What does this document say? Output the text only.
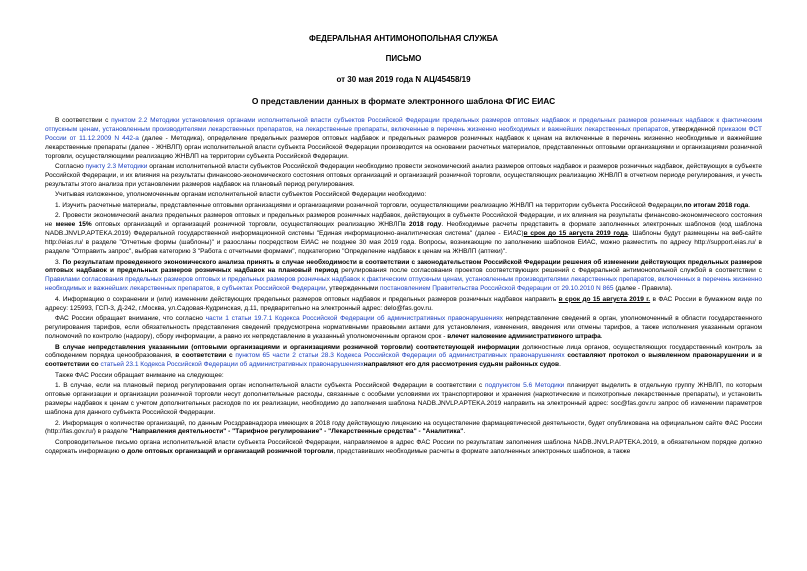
ФЕДЕРАЛЬНАЯ АНТИМОНОПОЛЬНАЯ СЛУЖБА
ПИСЬМО
от 30 мая 2019 года N АЦ/45458/19
О представлении данных в формате электронного шаблона ФГИС ЕИАС

В соответствии с пунктом 2.2 Методики установления органами исполнительной власти субъектов Российской Федерации предельных размеров оптовых надбавок и предельных размеров розничных надбавок к фактическим отпускным ценам, установленным производителями лекарственных препаратов, на лекарственные препараты, включенные в перечень жизненно необходимых и важнейших лекарственных препаратов, утвержденной приказом ФСТ России от 11.12.2009 N 442-а (далее - Методика), определение предельных размеров оптовых надбавок и предельных размеров розничных надбавок к ценам на включенные в перечень жизненно необходимые и важнейшие лекарственные препараты (далее - ЖНВЛП) орган исполнительной власти субъекта Российской Федерации производится на основании расчетных материалов, представленных оптовыми организациями и организациями розничной торговли, осуществляющими реализацию ЖНВЛП на территории субъекта Российской Федерации.

Согласно пункту 2.3 Методики органам исполнительной власти субъектов Российской Федерации необходимо провести экономический анализ размеров оптовых надбавок и размеров розничных надбавок, действующих в субъекте Российской Федерации, и их влияния на результаты финансово-экономического состояния оптовых организаций и организаций розничной торговли, осуществляющих реализацию ЖНВЛП в отчетном периоде регулирования, и учесть результаты этого анализа при установлении размеров надбавок на плановый период регулирования.

Учитывая изложенное, уполномоченным органам исполнительной власти субъектов Российской Федерации необходимо:

1. Изучить расчетные материалы, представленные оптовыми организациями и организациями розничной торговли, осуществляющими реализацию ЖНВЛП на территории субъекта Российской Федерации,по итогам 2018 года.

2. Провести экономический анализ предельных размеров оптовых и предельных размеров розничных надбавок, действующих в субъекте Российской Федерации, и их влияния на результаты финансово-экономического состояния не менее 15% оптовых организаций и организаций розничной торговли, осуществляющих реализацию ЖНВЛПв 2018 году. Необходимые расчеты представить в формате заполненных электронных шаблонов (код шаблона NADB.JNVLP.APTEKA.2019) Федеральной государственной информационной системы "Единая информационно-аналитическая система" (далее - ЕИАС)в срок до 15 августа 2019 года. Шаблоны будут размещены на веб-сайте http://eias.ru/ в разделе "Отчетные формы (шаблоны)" и разосланы посредством ЕИАС не позднее 30 мая 2019 года. Вопросы, возникающие по заполнению шаблонов ЕИАС, можно разместить по адресу http://support.eias.ru/ в разделе "Отправить запрос", выбрав категорию 3 "Работа с отчетными формами", подкатегорию "Определение надбавок к ценам на ЖНВЛП (аптеки)".

3. По результатам проведенного экономического анализа принять в случае необходимости в соответствии с законодательством Российской Федерации решения об изменении действующих предельных размеров оптовых надбавок и предельных размеров розничных надбавок на плановый период регулирования после согласования проектов соответствующих решений с Федеральной антимонопольной службой в соответствии с Правилами согласования предельных размеров оптовых и предельных размеров розничных надбавок к фактическим отпускным ценам, установленным производителями лекарственных препаратов, включенных в перечень жизненно необходимых и важнейших лекарственных препаратов, в субъектах Российской Федерации, утвержденными постановлением Правительства Российской Федерации от 29.10.2010 N 865 (далее - Правила).

4. Информацию о сохранении и (или) изменении действующих предельных размеров оптовых надбавок и предельных размеров розничных надбавок направить в срок до 15 августа 2019 г. в ФАС России в бумажном виде по адресу: 125993, ГСП-3, Д-242, г.Москва, ул.Садовая-Кудринская, д.11, предварительно на электронный адрес: delo@fas.gov.ru.

ФАС России обращает внимание, что согласно части 1 статьи 19.7.1 Кодекса Российской Федерации об административных правонарушениях непредставление сведений в орган, уполномоченный в области государственного регулирования тарифов, если обязательность представления сведений предусмотрена нормативными правовыми актами для установления, изменения, введения или отмены тарифов, а также исполнения указанным органом полномочий по контролю (надзору), сбору информации, а равно их непредставление в указанный уполномоченным органом срок - влечет наложение административного штрафа.

В случае непредставления указанными (оптовыми организациями и организациями розничной торговли) соответствующей информации должностные лица органов, осуществляющих государственный контроль за соблюдением порядка ценообразования, в соответствии с пунктом 65 части 2 статьи 28.3 Кодекса Российской Федерации об административных правонарушениях составляют протокол о выявленном правонарушении и в соответствии со статьей 23.1 Кодекса Российской Федерации об административных правонарушенияхнаправляют его для рассмотрения судьям районных судов.

Также ФАС России обращает внимание на следующее:

1. В случае, если на плановый период регулирования орган исполнительной власти субъекта Российской Федерации в соответствии с подпунктом 5.6 Методики планирует выделить в отдельную группу ЖНВЛП, по которым оптовые организации и организации розничной торговли несут дополнительные расходы, связанные с особыми условиями их транспортировки и хранения (наркотические и психотропные лекарственные препараты), и установить размеры надбавок к ценам с учетом дополнительных расходов по их реализации, необходимо до заполнения шаблона NADB.JNVLP.APTEKA.2019 направить на электронный адрес: soc@fas.gov.ru запрос об изменении параметров шаблона для данного субъекта Российской Федерации.

2. Информация о количестве организаций, по данным Росздравнадзора имеющих в 2018 году действующую лицензию на осуществление фармацевтической деятельности, будет опубликована на официальном сайте ФАС России (http://fas.gov.ru/) в разделе "Направления деятельности" - "Тарифное регулирование" - "Лекарственные средства" - "Аналитика".

Сопроводительное письмо органа исполнительной власти субъекта Российской Федерации, направляемое в адрес ФАС России по результатам заполнения шаблона NADB.JNVLP.APTEKA.2019, в обязательном порядке должно содержать информацию о доле оптовых организаций и организаций розничной торговли, представивших необходимые расчеты в формате заполненных электронных шаблонов, а также
